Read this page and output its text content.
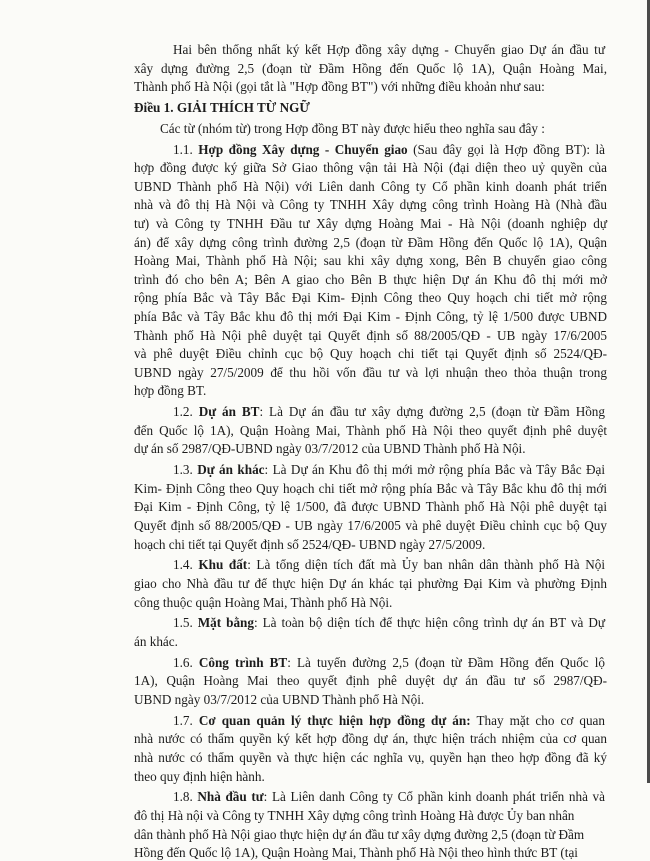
Hai bên thống nhất ký kết Hợp đồng xây dựng - Chuyển giao Dự án đầu tư
xây dựng đường 2,5 (đoạn từ Đầm Hồng đến Quốc lộ 1A), Quận Hoàng Mai,
Thành phố Hà Nội (gọi tắt là "Hợp đồng BT") với những điều khoản như sau:
Điều 1. GIẢI THÍCH TỪ NGỮ
Các từ (nhóm từ) trong Hợp đồng BT này được hiểu theo nghĩa sau đây :
1.1. Hợp đồng Xây dựng - Chuyển giao (Sau đây gọi là Hợp đồng BT): là
hợp đồng được ký giữa Sở Giao thông vận tải Hà Nội (đại diện theo uỷ quyền của
UBND Thành phố Hà Nội) với Liên danh Công ty Cổ phần kinh doanh phát triển
nhà và đô thị Hà Nội và Công ty TNHH Xây dựng công trình Hoàng Hà (Nhà đầu
tư) và Công ty TNHH Đầu tư Xây dựng Hoàng Mai - Hà Nội (doanh nghiệp dự
án) để xây dựng công trình đường 2,5 (đoạn từ Đầm Hồng đến Quốc lộ 1A), Quận
Hoàng Mai, Thành phố Hà Nội; sau khi xây dựng xong, Bên B chuyển giao công
trình đó cho bên A; Bên A giao cho Bên B thực hiện Dự án Khu đô thị mới mở
rộng phía Bắc và Tây Bắc Đại Kim- Định Công theo Quy hoạch chi tiết mở rộng
phía Bắc và Tây Bắc khu đô thị mới Đại Kim - Định Công, tỷ lệ 1/500 được UBND
Thành phố Hà Nội phê duyệt tại Quyết định số 88/2005/QĐ - UB ngày 17/6/2005
và phê duyệt Điều chỉnh cục bộ Quy hoạch chi tiết tại Quyết định số 2524/QĐ-
UBND ngày 27/5/2009 để thu hồi vốn đầu tư và lợi nhuận theo thỏa thuận trong
hợp đồng BT.
1.2. Dự án BT: Là Dự án đầu tư xây dựng đường 2,5 (đoạn từ Đầm Hồng
đến Quốc lộ 1A), Quận Hoàng Mai, Thành phố Hà Nội theo quyết định phê duyệt
dự án số 2987/QĐ-UBND ngày 03/7/2012 của UBND Thành phố Hà Nội.
1.3. Dự án khác: Là Dự án Khu đô thị mới mở rộng phía Bắc và Tây Bắc Đại
Kim- Định Công theo Quy hoạch chi tiết mở rộng phía Bắc và Tây Bắc khu đô thị mới
Đại Kim - Định Công, tỷ lệ 1/500, đã được UBND Thành phố Hà Nội phê duyệt tại
Quyết định số 88/2005/QĐ - UB ngày 17/6/2005 và phê duyệt Điều chỉnh cục bộ Quy
hoạch chi tiết tại Quyết định số 2524/QĐ- UBND ngày 27/5/2009.
1.4. Khu đất: Là tổng diện tích đất mà Ủy ban nhân dân thành phố Hà Nội
giao cho Nhà đầu tư để thực hiện Dự án khác tại phường Đại Kim và phường Định
công thuộc quận Hoàng Mai, Thành phố Hà Nội.
1.5. Mặt bằng: Là toàn bộ diện tích để thực hiện công trình dự án BT và Dự
án khác.
1.6. Công trình BT: Là tuyến đường 2,5 (đoạn từ Đầm Hồng đến Quốc lộ
1A), Quận Hoàng Mai theo quyết định phê duyệt dự án đầu tư số 2987/QĐ-
UBND ngày 03/7/2012 của UBND Thành phố Hà Nội.
1.7. Cơ quan quản lý thực hiện hợp đồng dự án: Thay mặt cho cơ quan
nhà nước có thẩm quyền ký kết hợp đồng dự án, thực hiện trách nhiệm của cơ quan
nhà nước có thẩm quyền và thực hiện các nghĩa vụ, quyền hạn theo hợp đồng đã ký
theo quy định hiện hành.
1.8. Nhà đầu tư: Là Liên danh Công ty Cổ phần kinh doanh phát triển nhà và
đô thị Hà nội và Công ty TNHH Xây dựng công trình Hoàng Hà được Ủy ban nhân
dân thành phố Hà Nội giao thực hiện dự án đầu tư xây dựng đường 2,5 (đoạn từ Đầm
Hồng đến Quốc lộ 1A), Quận Hoàng Mai, Thành phố Hà Nội theo hình thức BT (tại
